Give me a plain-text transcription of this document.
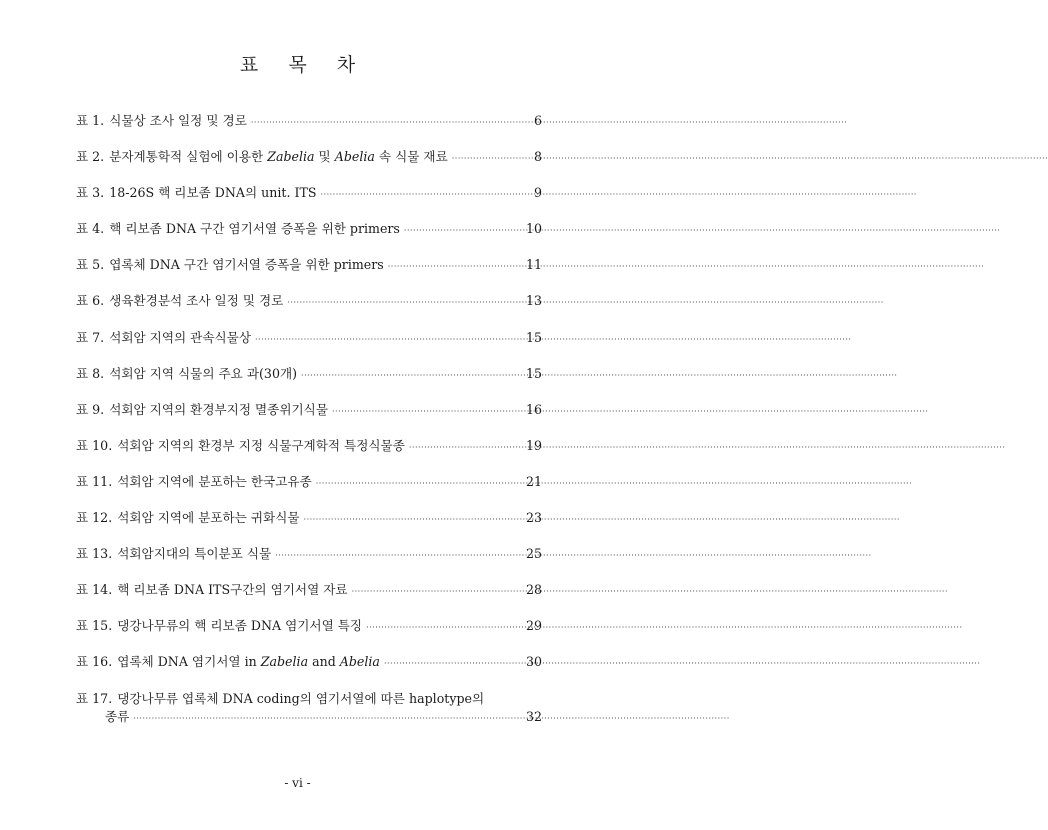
표 목 차
표 1. 식물상 조사 일정 및 경로 ·····	6
표 2. 분자계통학적 실험에 이용한 Zabelia 및 Abelia 속 식물 재료 ·····	8
표 3. 18-26S 핵 리보좀 DNA의 unit. ITS ·····	9
표 4. 핵 리보좀 DNA 구간 염기서열 증폭을 위한 primers ·····	10
표 5. 엽록체 DNA 구간 염기서열 증폭을 위한 primers ·····	11
표 6. 생육환경분석 조사 일정 및 경로 ·····	13
표 7. 석회암 지역의 관속식물상 ·····	15
표 8. 석회암 지역 식물의 주요 과(30개) ·····	15
표 9. 석회암 지역의 환경부지정 멸종위기식물 ·····	16
표 10. 석회암 지역의 환경부 지정 식물구계학적 특정식물종 ·····	19
표 11. 석회암 지역에 분포하는 한국고유종 ·····	21
표 12. 석회암 지역에 분포하는 귀화식물 ·····	23
표 13. 석회암지대의 특이분포 식물 ·····	25
표 14. 핵 리보좀 DNA ITS구간의 염기서열 자료 ·····	28
표 15. 댕강나무류의 핵 리보좀 DNA 염기서열 특징 ·····	29
표 16. 엽록체 DNA 염기서열 in Zabelia and Abelia ·····	30
표 17. 댕강나무류 엽록체 DNA coding의 염기서열에 따른 haplotype의
종류 ·····	32
- vi -
